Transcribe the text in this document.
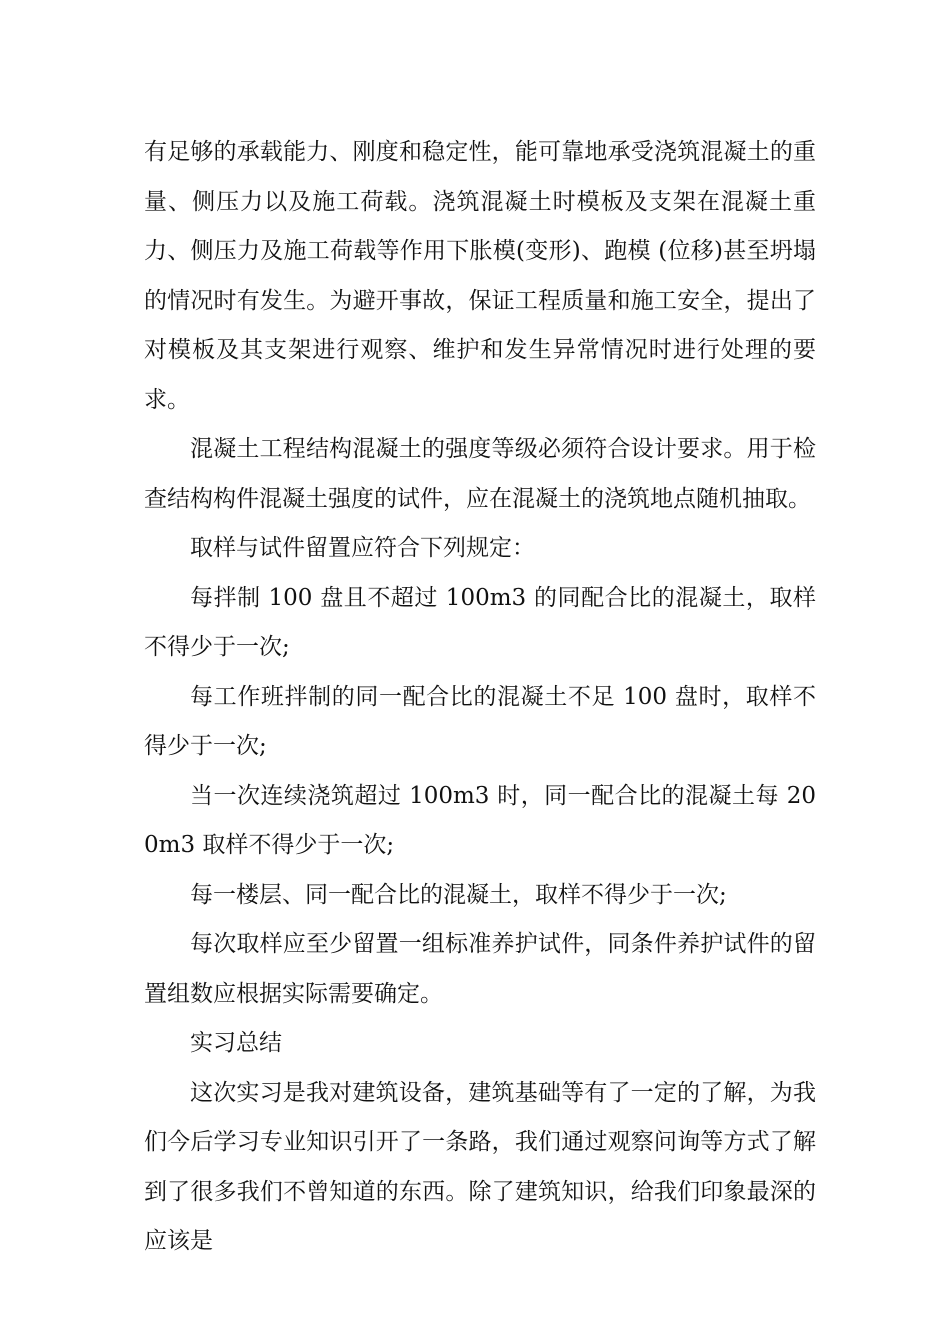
有足够的承载能力、刚度和稳定性，能可靠地承受浇筑混凝土的重量、侧压力以及施工荷载。浇筑混凝土时模板及支架在混凝土重力、侧压力及施工荷载等作用下胀模(变形)、跑模 (位移)甚至坍塌的情况时有发生。为避开事故，保证工程质量和施工安全，提出了对模板及其支架进行观察、维护和发生异常情况时进行处理的要求。

混凝土工程结构混凝土的强度等级必须符合设计要求。用于检查结构构件混凝土强度的试件，应在混凝土的浇筑地点随机抽取。

取样与试件留置应符合下列规定：

每拌制 100 盘且不超过 100m3 的同配合比的混凝土，取样不得少于一次;

每工作班拌制的同一配合比的混凝土不足 100 盘时，取样不得少于一次;

当一次连续浇筑超过 100m3 时，同一配合比的混凝土每 200m3 取样不得少于一次;

每一楼层、同一配合比的混凝土，取样不得少于一次;

每次取样应至少留置一组标准养护试件，同条件养护试件的留置组数应根据实际需要确定。

实习总结

这次实习是我对建筑设备，建筑基础等有了一定的了解，为我们今后学习专业知识引开了一条路，我们通过观察问询等方式了解到了很多我们不曾知道的东西。除了建筑知识，给我们印象最深的应该是
